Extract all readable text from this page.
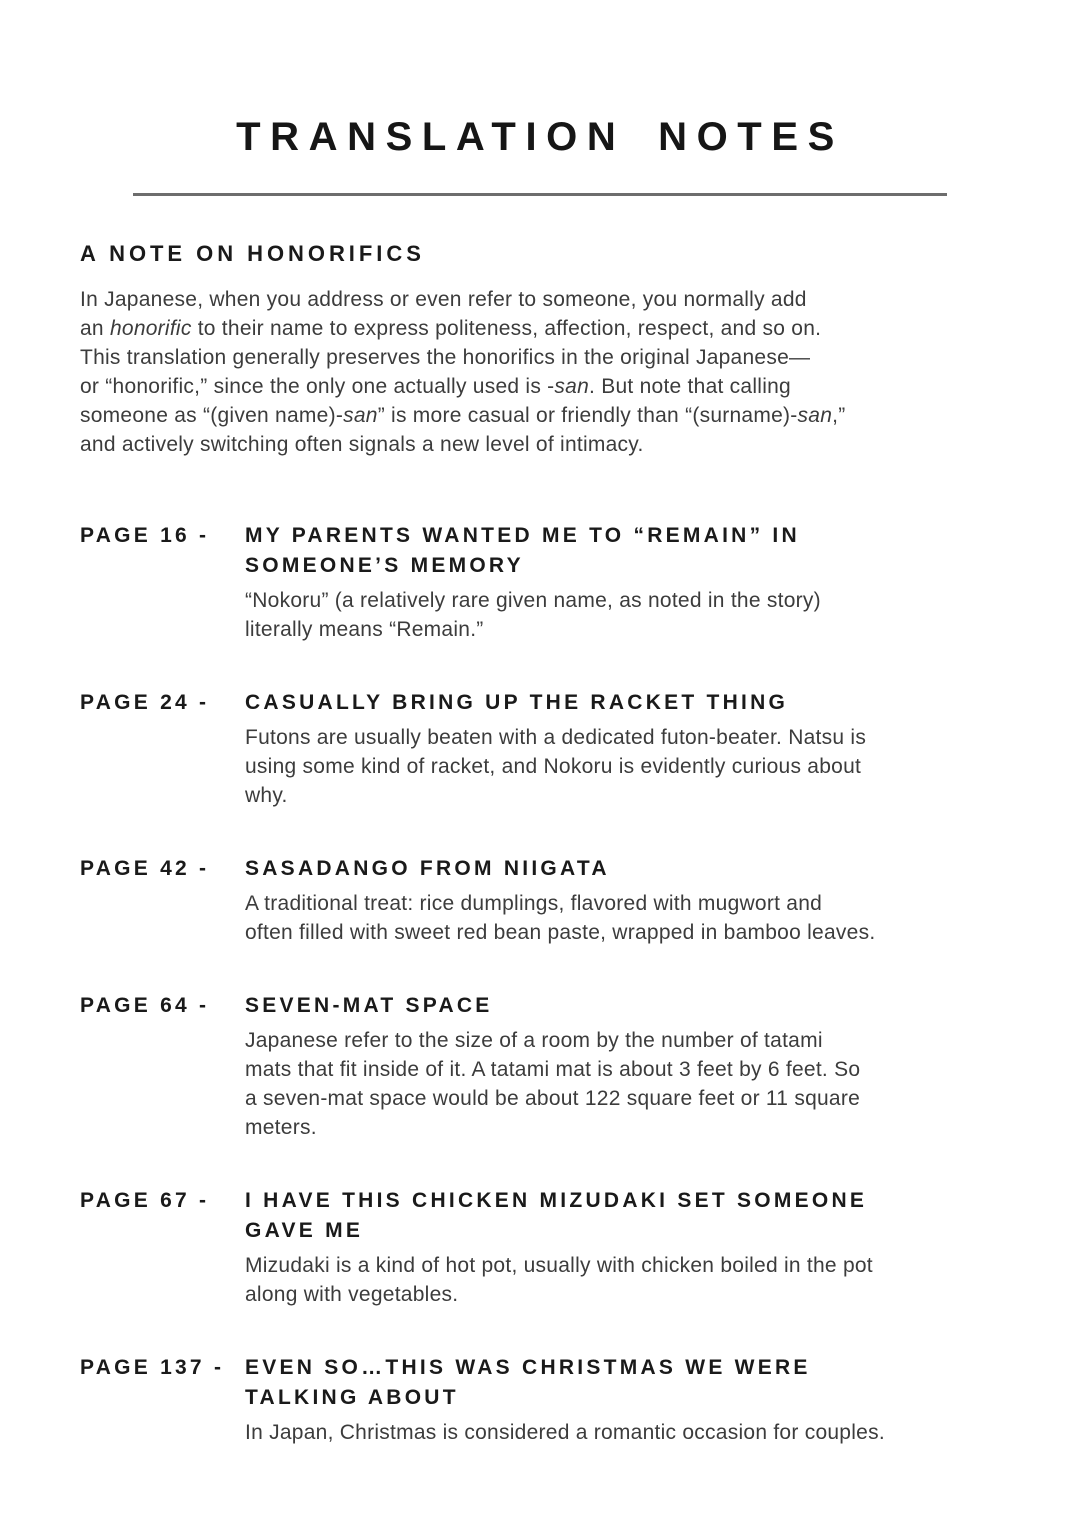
TRANSLATION NOTES
A NOTE ON HONORIFICS
In Japanese, when you address or even refer to someone, you normally add
an honorific to their name to express politeness, affection, respect, and so on.
This translation generally preserves the honorifics in the original Japanese—
or “honorific,” since the only one actually used is -san. But note that calling
someone as “(given name)-san” is more casual or friendly than “(surname)-san,”
and actively switching often signals a new level of intimacy.
PAGE 16 -	MY PARENTS WANTED ME TO “REMAIN” IN
SOMEONE’S MEMORY
“Nokoru” (a relatively rare given name, as noted in the story)
literally means “Remain.”
PAGE 24 -	CASUALLY BRING UP THE RACKET THING
Futons are usually beaten with a dedicated futon-beater. Natsu is
using some kind of racket, and Nokoru is evidently curious about
why.
PAGE 42 -	SASADANGO FROM NIIGATA
A traditional treat: rice dumplings, flavored with mugwort and
often filled with sweet red bean paste, wrapped in bamboo leaves.
PAGE 64 -	SEVEN-MAT SPACE
Japanese refer to the size of a room by the number of tatami
mats that fit inside of it. A tatami mat is about 3 feet by 6 feet. So
a seven-mat space would be about 122 square feet or 11 square
meters.
PAGE 67 -	I HAVE THIS CHICKEN MIZUDAKI SET SOMEONE
GAVE ME
Mizudaki is a kind of hot pot, usually with chicken boiled in the pot
along with vegetables.
PAGE 137 - EVEN SO…THIS WAS CHRISTMAS WE WERE
TALKING ABOUT
In Japan, Christmas is considered a romantic occasion for couples.
